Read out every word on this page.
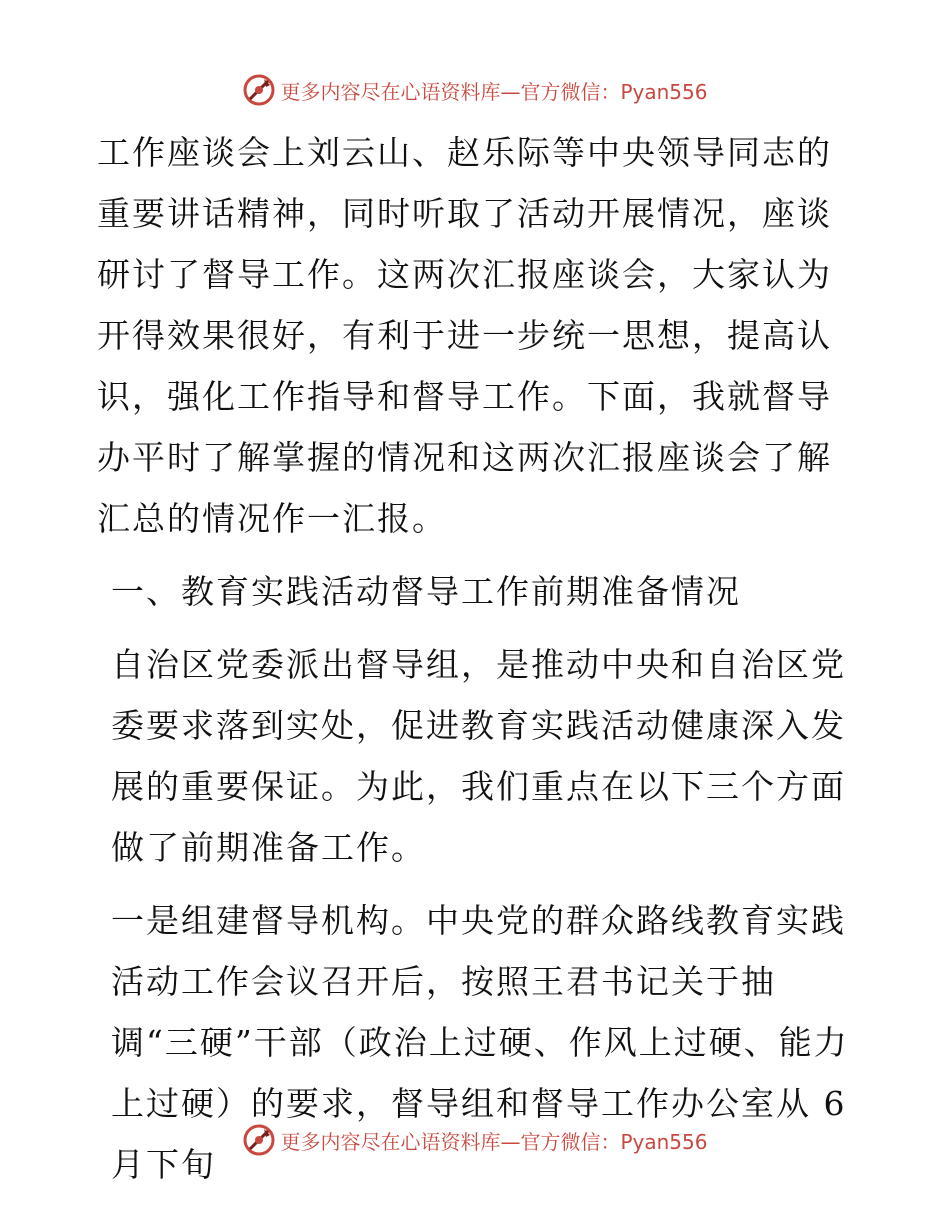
更多内容尽在心语资料库—官方微信：Pyan556

工作座谈会上刘云山、赵乐际等中央领导同志的重要讲话精神，同时听取了活动开展情况，座谈研讨了督导工作。这两次汇报座谈会，大家认为开得效果很好，有利于进一步统一思想，提高认识，强化工作指导和督导工作。下面，我就督导办平时了解掌握的情况和这两次汇报座谈会了解汇总的情况作一汇报。

一、教育实践活动督导工作前期准备情况

自治区党委派出督导组，是推动中央和自治区党委要求落到实处，促进教育实践活动健康深入发展的重要保证。为此，我们重点在以下三个方面做了前期准备工作。

一是组建督导机构。中央党的群众路线教育实践活动工作会议召开后，按照王君书记关于抽调“三硬”干部（政治上过硬、作风上过硬、能力上过硬）的要求，督导组和督导工作办公室从 6 月下旬

更多内容尽在心语资料库—官方微信：Pyan556
